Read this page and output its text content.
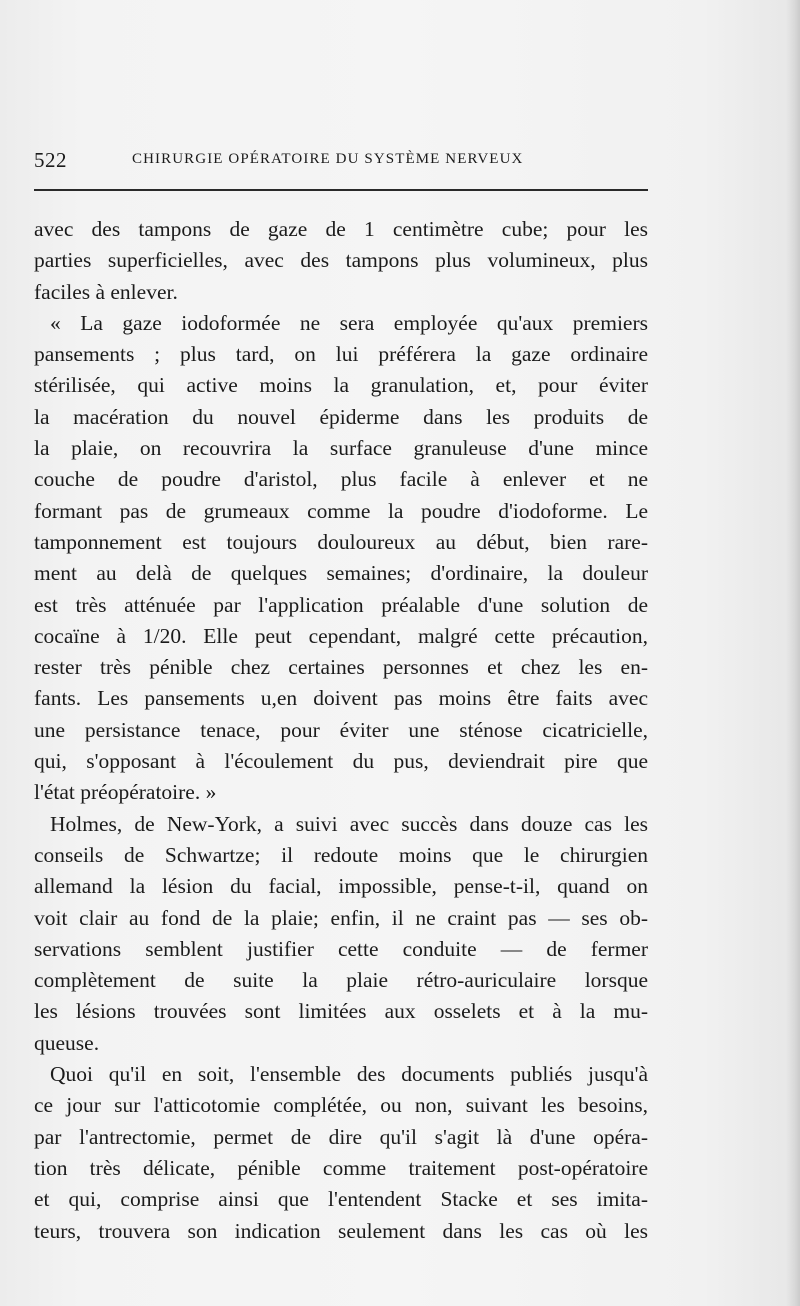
522	CHIRURGIE OPÉRATOIRE DU SYSTÈME NERVEUX
avec des tampons de gaze de 1 centimètre cube; pour les
parties superficielles, avec des tampons plus volumineux, plus
faciles à enlever.
« La gaze iodoformée ne sera employée qu'aux premiers
pansements ; plus tard, on lui préférera la gaze ordinaire
stérilisée, qui active moins la granulation, et, pour éviter
la macération du nouvel épiderme dans les produits de
la plaie, on recouvrira la surface granuleuse d'une mince
couche de poudre d'aristol, plus facile à enlever et ne
formant pas de grumeaux comme la poudre d'iodoforme. Le
tamponnement est toujours douloureux au début, bien rare-
ment au delà de quelques semaines; d'ordinaire, la douleur
est très atténuée par l'application préalable d'une solution de
cocaïne à 1/20. Elle peut cependant, malgré cette précaution,
rester très pénible chez certaines personnes et chez les en-
fants. Les pansements u,en doivent pas moins être faits avec
une persistance tenace, pour éviter une sténose cicatricielle,
qui, s'opposant à l'écoulement du pus, deviendrait pire que
l'état préopératoire. »
Holmes, de New-York, a suivi avec succès dans douze cas les
conseils de Schwartze; il redoute moins que le chirurgien
allemand la lésion du facial, impossible, pense-t-il, quand on
voit clair au fond de la plaie; enfin, il ne craint pas — ses ob-
servations semblent justifier cette conduite — de fermer
complètement de suite la plaie rétro-auriculaire lorsque
les lésions trouvées sont limitées aux osselets et à la mu-
queuse.
Quoi qu'il en soit, l'ensemble des documents publiés jusqu'à
ce jour sur l'atticotomie complétée, ou non, suivant les besoins,
par l'antrectomie, permet de dire qu'il s'agit là d'une opéra-
tion très délicate, pénible comme traitement post-opératoire
et qui, comprise ainsi que l'entendent Stacke et ses imita-
teurs, trouvera son indication seulement dans les cas où les
